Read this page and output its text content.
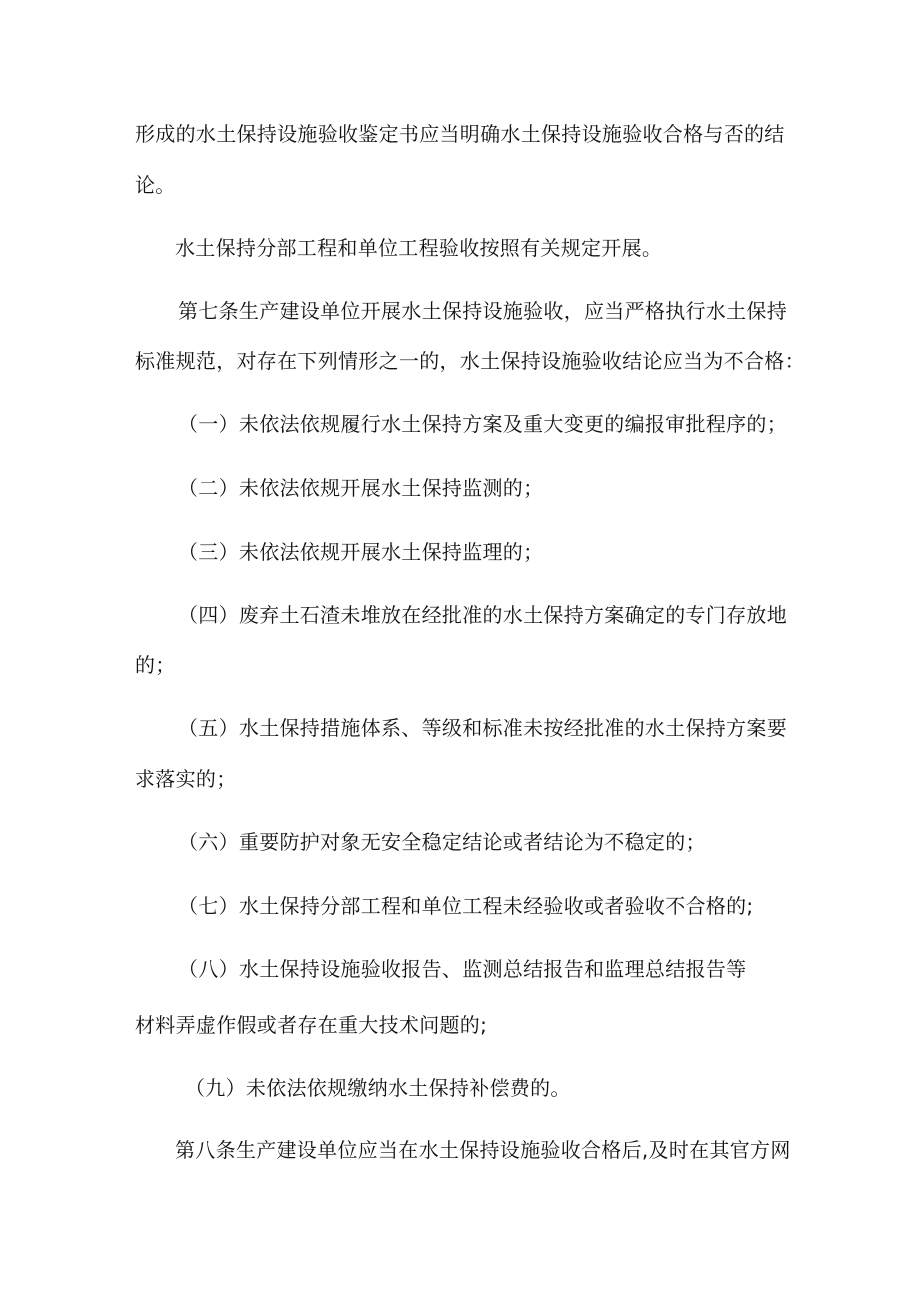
形成的水土保持设施验收鉴定书应当明确水土保持设施验收合格与否的结
论。
水土保持分部工程和单位工程验收按照有关规定开展。
第七条生产建设单位开展水土保持设施验收，应当严格执行水土保持
标准规范，对存在下列情形之一的，水土保持设施验收结论应当为不合格：
（一）未依法依规履行水土保持方案及重大变更的编报审批程序的；
（二）未依法依规开展水土保持监测的；
（三）未依法依规开展水土保持监理的；
（四）废弃土石渣未堆放在经批准的水土保持方案确定的专门存放地
的；
（五）水土保持措施体系、等级和标准未按经批准的水土保持方案要
求落实的；
（六）重要防护对象无安全稳定结论或者结论为不稳定的；
（七）水土保持分部工程和单位工程未经验收或者验收不合格的;
（八）水土保持设施验收报告、监测总结报告和监理总结报告等
材料弄虚作假或者存在重大技术问题的;
（九）未依法依规缴纳水土保持补偿费的。
第八条生产建设单位应当在水土保持设施验收合格后,及时在其官方网
